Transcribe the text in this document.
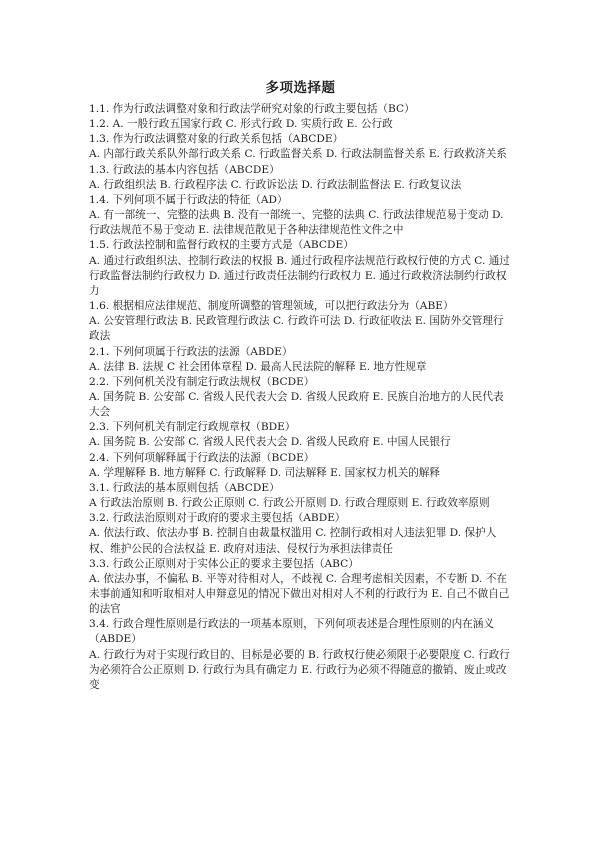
多项选择题

1.1. 作为行政法调整对象和行政法学研究对象的行政主要包括（BC）

1.2. A. 一般行政五国家行政 C. 形式行政 D. 实质行政 E. 公行政

1.3. 作为行政法调整对象的行政关系包括（ABCDE）

A. 内部行政关系队外部行政关系 C. 行政监督关系 D. 行政法制监督关系 E. 行政救济关系

1.3. 行政法的基本内容包括（ABCDE）

A. 行政组织法 B. 行政程序法 C. 行政诉讼法 D. 行政法制监督法 E. 行政复议法

1.4. 下列何项不属于行政法的特征（AD）

A. 有一部统一、完整的法典 B. 没有一部统一、完整的法典 C. 行政法律规范易于变动 D. 行政法规范不易于变动 E. 法律规范散见于各种法律规范性文件之中

1.5. 行政法控制和监督行政权的主要方式是（ABCDE）

A. 通过行政组织法、控制行政法的权报 B. 通过行政程序法规范行政权行使的方式 C. 通过行政监督法制约行政权力 D. 通过行政责任法制约行政权力 E. 通过行政救济法制约行政权力

1.6. 根据相应法律规范、制度所调整的管理领域，可以把行政法分为（ABE）

A. 公安管理行政法 B. 民政管理行政法 C. 行政许可法 D. 行政征收法 E. 国防外交管理行政法

2.1. 下列何项属于行政法的法源（ABDE）

A. 法律 B. 法规 C 社会团体章程 D. 最高人民法院的解释 E. 地方性规章

2.2. 下列何机关没有制定行政法规权（BCDE）

A. 国务院 B. 公安部 C. 省级人民代表大会 D. 省级人民政府 E. 民族自治地方的人民代表大会

2.3. 下列何机关有制定行政规章权（BDE）

A. 国务院 B. 公安部 C. 省级人民代表大会 D. 省级人民政府 E. 中国人民银行

2.4. 下列何项解释属于行政法的法源（BCDE）

A. 学理解释 B. 地方解释 C. 行政解释 D. 司法解释 E. 国家权力机关的解释

3.1. 行政法的基本原则包括（ABCDE）

A 行政法治原则 B. 行政公正原则 C. 行政公开原则 D. 行政合理原则 E. 行政效率原则

3.2. 行政法治原则对于政府的要求主要包括（ABDE）

A. 依法行政、依法办事 B. 控制自由裁量权滥用 C. 控制行政相对人违法犯罪 D. 保护人权、维护公民的合法权益 E. 政府对违法、侵权行为承担法律责任

3.3. 行政公正原则对于实体公正的要求主要包括（ABC）

A. 依法办事，不偏私 B. 平等对待相对人，不歧视 C. 合理考虑相关因素，不专断 D. 不在未事前通知和听取相对人申辩意见的情况下做出对相对人不利的行政行为 E. 自己不做自己的法官

3.4. 行政合理性原则是行政法的一项基本原则，下列何项表述是合理性原则的内在涵义（ABDE）

A. 行政行为对于实现行政目的、目标是必要的 B. 行政权行使必须限于必要限度 C. 行政行为必须符合公正原则 D. 行政行为具有确定力 E. 行政行为必须不得随意的撤销、废止或改变
